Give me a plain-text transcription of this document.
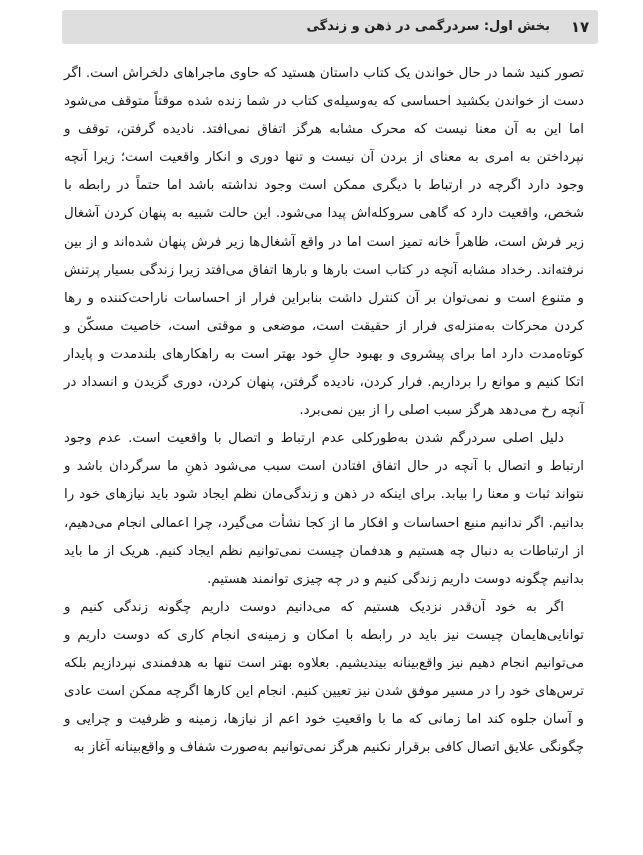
۱۷
بخش اول: سردرگمی در ذهن و زندگی

تصور کنید شما در حال خواندن یک کتاب داستان هستید که حاوی ماجراهای دلخراش است. اگر دست از خواندن بکشید احساسی که به‌وسیله‌ی کتاب در شما زنده شده موقتاً متوقف می‌شود اما این به آن معنا نیست که محرک مشابه هرگز اتفاق نمی‌افتد. نادیده گرفتن، توقف و نپرداختن به امری به معنای از بردن آن نیست و تنها دوری و انکار واقعیت است؛ زیرا آنچه وجود دارد اگرچه در ارتباط با دیگری ممکن است وجود نداشته باشد اما حتماً در رابطه با شخص، واقعیت دارد که گاهی سروکله‌اش پیدا می‌شود. این حالت شبیه به پنهان کردن آشغال زیر فرش است، ظاهراً خانه تمیز است اما در واقع آشغال‌ها زیر فرش پنهان شده‌اند و از بین نرفته‌اند. رخداد مشابه آنچه در کتاب است بارها و بارها اتفاق می‌افتد زیرا زندگی بسیار پرتنش و متنوع است و نمی‌توان بر آن کنترل داشت بنابراین فرار از احساسات ناراحت‌کننده و رها کردن محرکات به‌منزله‌ی فرار از حقیقت است، موضعی و موقتی است، خاصیت مسکّن و کوتاه‌مدت دارد اما برای پیشروی و بهبود حالِ خود بهتر است به راهکارهای بلندمدت و پایدار اتکا کنیم و موانع را برداریم. فرار کردن، نادیده گرفتن، پنهان کردن، دوری گزیدن و انسداد در آنچه رخ می‌دهد هرگز سبب اصلی را از بین نمی‌برد.

دلیل اصلی سردرگم شدن به‌طورکلی عدم ارتباط و اتصال با واقعیت است. عدم وجود ارتباط و اتصال با آنچه در حال اتفاق افتادن است سبب می‌شود ذهنِ ما سرگردان باشد و نتواند ثبات و معنا را بیابد. برای اینکه در ذهن و زندگی‌مان نظم ایجاد شود باید نیازهای خود را بدانیم. اگر ندانیم منبع احساسات و افکار ما از کجا نشأت می‌گیرد، چرا اعمالی انجام می‌دهیم، از ارتباطات به دنبال چه هستیم و هدفمان چیست نمی‌توانیم نظم ایجاد کنیم. هریک از ما باید بدانیم چگونه دوست داریم زندگی کنیم و در چه چیزی توانمند هستیم.

اگر به خود آن‌قدر نزدیک هستیم که می‌دانیم دوست داریم چگونه زندگی کنیم و توانایی‌هایمان چیست نیز باید در رابطه با امکان و زمینه‌ی انجام کاری که دوست داریم و می‌توانیم انجام دهیم نیز واقع‌بینانه بیندیشیم. بعلاوه بهتر است تنها به هدفمندی نپردازیم بلکه ترس‌های خود را در مسیر موفق شدن نیز تعیین کنیم. انجام این کارها اگرچه ممکن است عادی و آسان جلوه کند اما زمانی که ما با واقعیتِ خود اعم از نیازها، زمینه و ظرفیت و چرایی و چگونگی علایق اتصال کافی برقرار نکنیم هرگز نمی‌توانیم به‌صورت شفاف و واقع‌بینانه آغاز به
